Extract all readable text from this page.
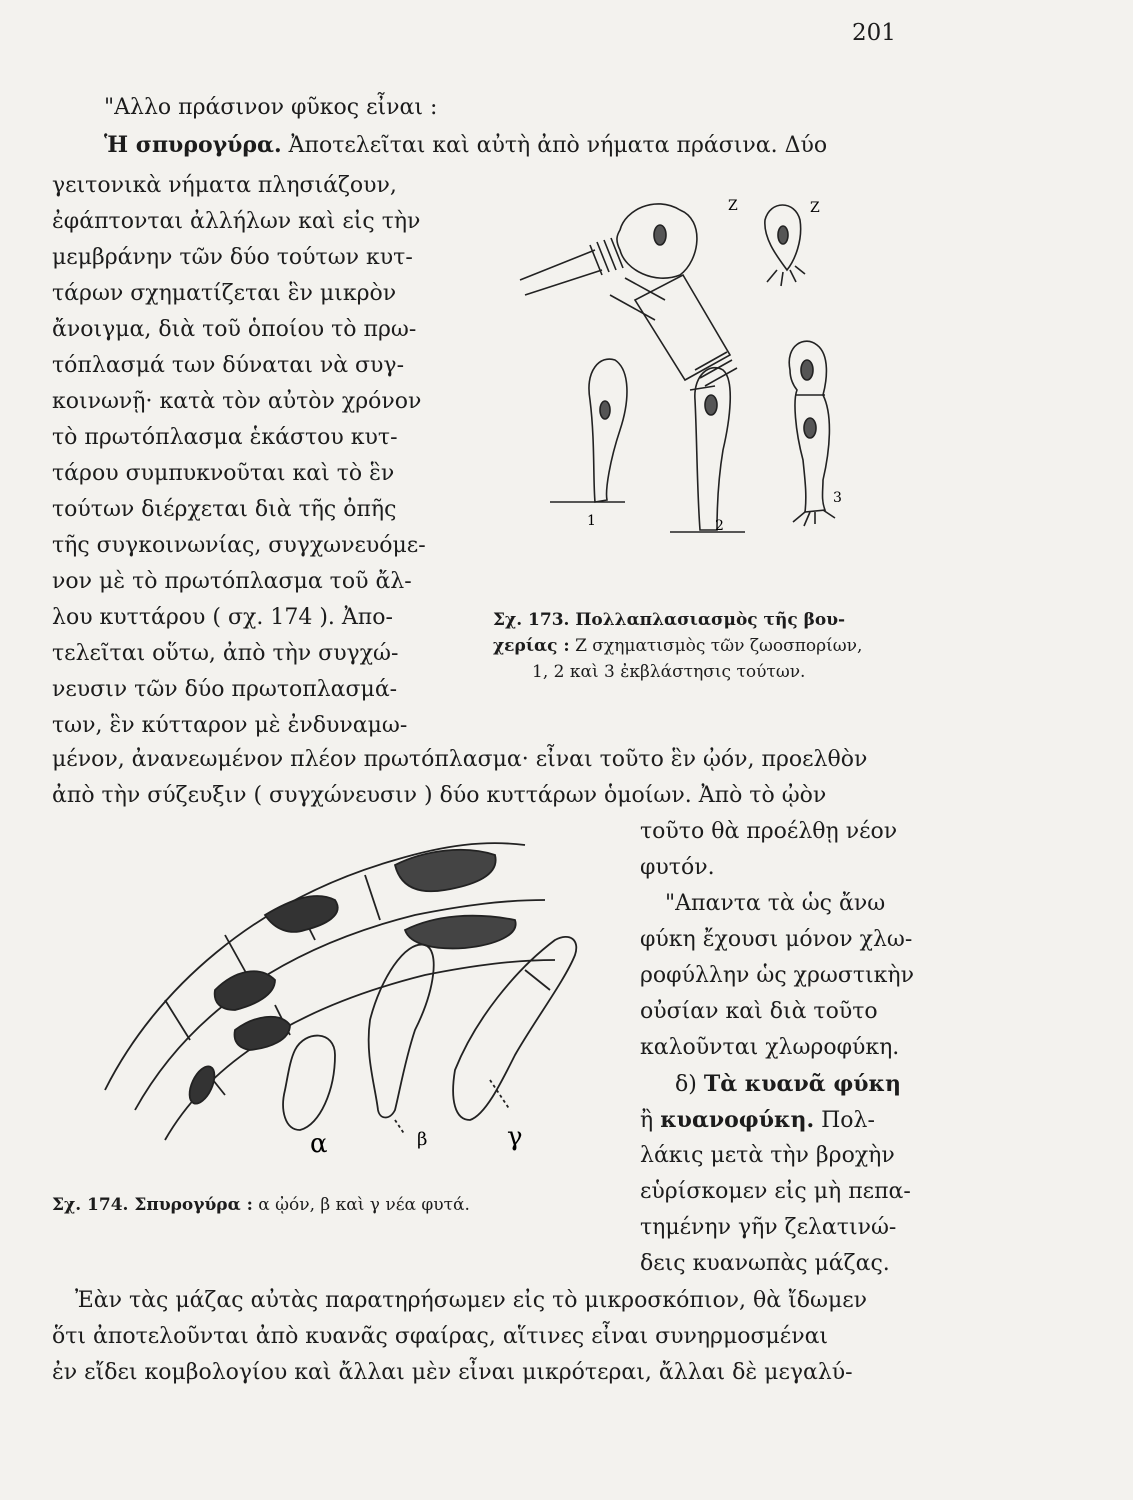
201
"Αλλο πράσινον φῦκος εἶναι :
Ἡ σπυρογύρα. Ἀποτελεῖται καὶ αὐτὴ ἀπὸ νήματα πράσινα. Δύο
γειτονικὰ νήματα πλησιάζουν,
ἐφάπτονται ἀλλήλων καὶ εἰς τὴν
μεμβράνην τῶν δύο τούτων κυτ-
τάρων σχηματίζεται ἓν μικρὸν
ἄνοιγμα, διὰ τοῦ ὁποίου τὸ πρω-
τόπλασμά των δύναται νὰ συγ-
κοινωνῇ· κατὰ τὸν αὐτὸν χρόνον
τὸ πρωτόπλασμα ἑκάστου κυτ-
τάρου συμπυκνοῦται καὶ τὸ ἓν
τούτων διέρχεται διὰ τῆς ὀπῆς
τῆς συγκοινωνίας, συγχωνευόμε-
νον μὲ τὸ πρωτόπλασμα τοῦ ἄλ-
λου κυττάρου ( σχ. 174 ). Ἀπο-
τελεῖται οὕτω, ἀπὸ τὴν συγχώ-
νευσιν τῶν δύο πρωτοπλασμά-
των, ἓν κύτταρον μὲ ἐνδυναμω-
Z	Z
1	2
3
Σχ. 173. Πολλαπλασιασμὸς τῆς βου-
χερίας : Z σχηματισμὸς τῶν ζωοσπορίων,
1, 2 καὶ 3 ἐκβλάστησις τούτων.
μένον, ἀνανεωμένον πλέον πρωτόπλασμα· εἶναι τοῦτο ἓν ᾠόν, προελθὸν
ἀπὸ τὴν σύζευξιν ( συγχώνευσιν ) δύο κυττάρων ὁμοίων. Ἀπὸ τὸ ᾠὸν
α	β	γ
Σχ. 174. Σπυρογύρα : α ᾠόν, β καὶ γ νέα φυτά.
τοῦτο θὰ προέλθῃ νέον
φυτόν.
"Απαντα τὰ ὡς ἄνω
φύκη ἔχουσι μόνον χλω-
ροφύλλην ὡς χρωστικὴν
οὐσίαν καὶ διὰ τοῦτο
καλοῦνται χλωροφύκη.
δ) Τὰ κυανᾶ φύκη
ἢ κυανοφύκη. Πολ-
λάκις μετὰ τὴν βροχὴν
εὑρίσκομεν εἰς μὴ πεπα-
τημένην γῆν ζελατινώ-
δεις κυανωπὰς μάζας.
Ἐὰν τὰς μάζας αὐτὰς παρατηρήσωμεν εἰς τὸ μικροσκόπιον, θὰ ἴδωμεν
ὅτι ἀποτελοῦνται ἀπὸ κυανᾶς σφαίρας, αἵτινες εἶναι συνηρμοσμέναι
ἐν εἴδει κομβολογίου καὶ ἄλλαι μὲν εἶναι μικρότεραι, ἄλλαι δὲ μεγαλύ-
